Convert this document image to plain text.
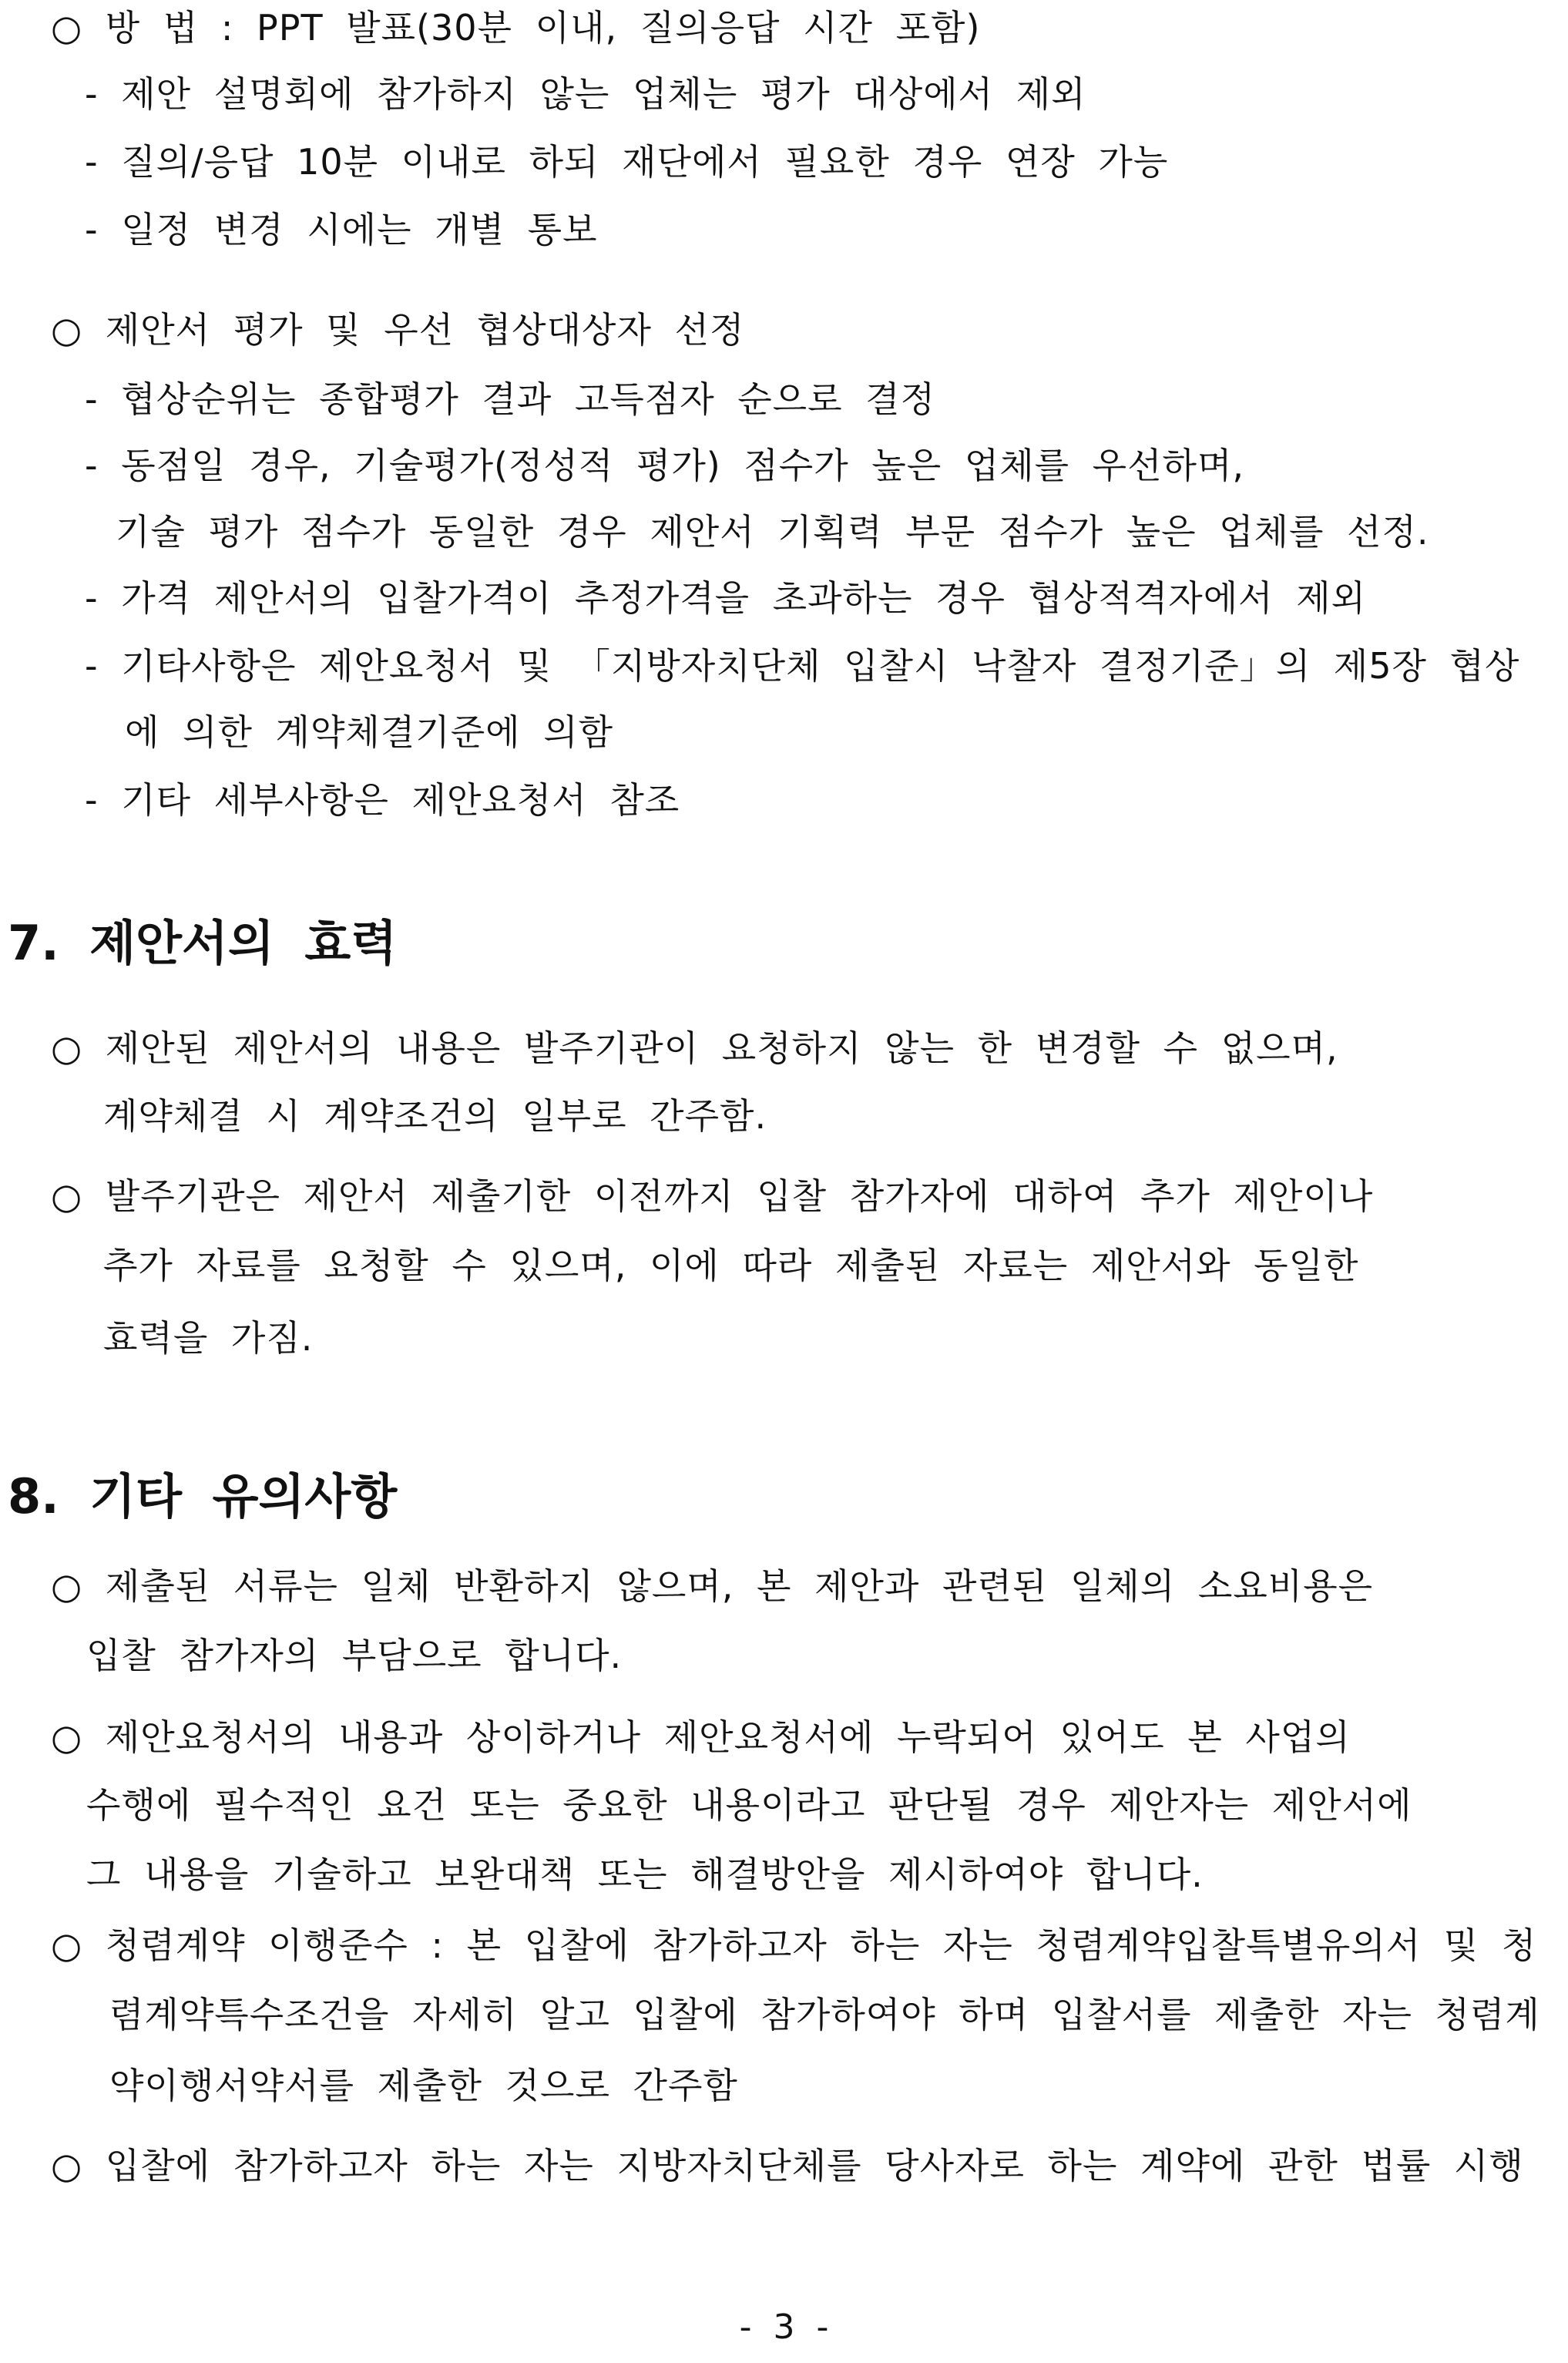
○ 방 법 : PPT 발표(30분 이내, 질의응답 시간 포함)
- 제안 설명회에 참가하지 않는 업체는 평가 대상에서 제외
- 질의/응답 10분 이내로 하되 재단에서 필요한 경우 연장 가능
- 일정 변경 시에는 개별 통보
○ 제안서 평가 및 우선 협상대상자 선정
- 협상순위는 종합평가 결과 고득점자 순으로 결정
- 동점일 경우, 기술평가(정성적 평가) 점수가 높은 업체를 우선하며,
기술 평가 점수가 동일한 경우 제안서 기획력 부문 점수가 높은 업체를 선정.
- 가격 제안서의 입찰가격이 추정가격을 초과하는 경우 협상적격자에서 제외
- 기타사항은 제안요청서 및 「지방자치단체 입찰시 낙찰자 결정기준」의 제5장 협상
에 의한 계약체결기준에 의함
- 기타 세부사항은 제안요청서 참조
7. 제안서의 효력
○ 제안된 제안서의 내용은 발주기관이 요청하지 않는 한 변경할 수 없으며,
계약체결 시 계약조건의 일부로 간주함.
○ 발주기관은 제안서 제출기한 이전까지 입찰 참가자에 대하여 추가 제안이나
추가 자료를 요청할 수 있으며, 이에 따라 제출된 자료는 제안서와 동일한
효력을 가짐.
8. 기타 유의사항
○ 제출된 서류는 일체 반환하지 않으며, 본 제안과 관련된 일체의 소요비용은
입찰 참가자의 부담으로 합니다.
○ 제안요청서의 내용과 상이하거나 제안요청서에 누락되어 있어도 본 사업의
수행에 필수적인 요건 또는 중요한 내용이라고 판단될 경우 제안자는 제안서에
그 내용을 기술하고 보완대책 또는 해결방안을 제시하여야 합니다.
○ 청렴계약 이행준수 : 본 입찰에 참가하고자 하는 자는 청렴계약입찰특별유의서 및 청
렴계약특수조건을 자세히 알고 입찰에 참가하여야 하며 입찰서를 제출한 자는 청렴계
약이행서약서를 제출한 것으로 간주함
○ 입찰에 참가하고자 하는 자는 지방자치단체를 당사자로 하는 계약에 관한 법률 시행
- 3 -
